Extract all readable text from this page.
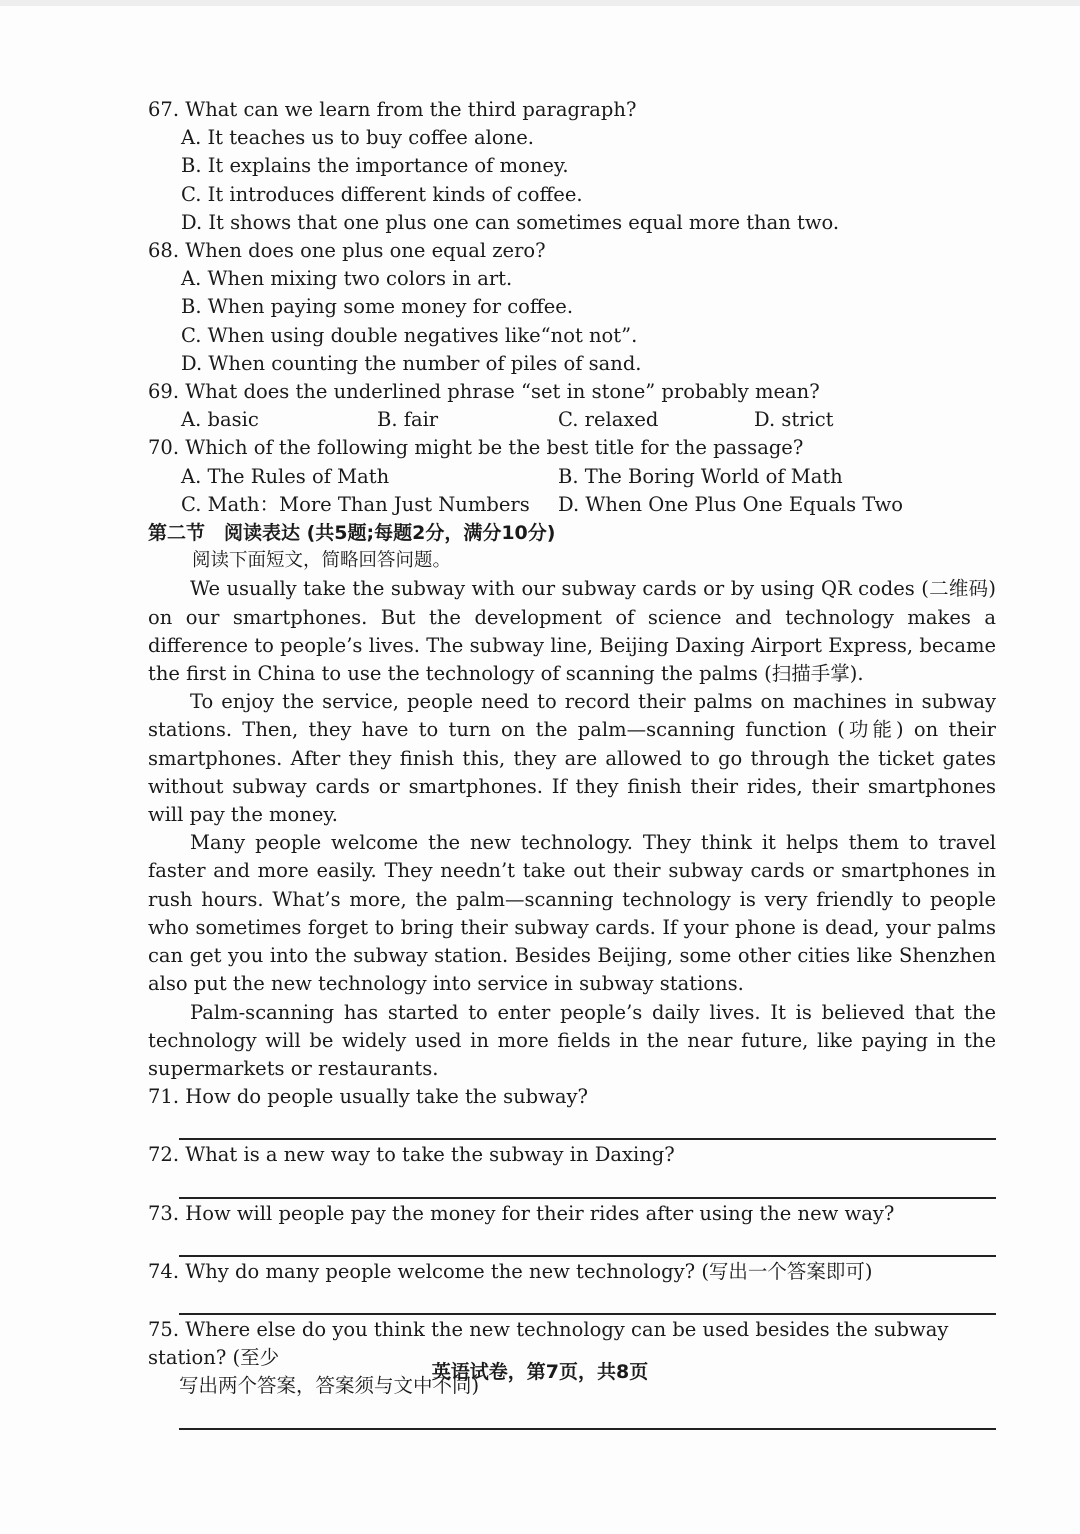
67. What can we learn from the third paragraph?

A. It teaches us to buy coffee alone.

B. It explains the importance of money.

C. It introduces different kinds of coffee.

D. It shows that one plus one can sometimes equal more than two.

68. When does one plus one equal zero?

A. When mixing two colors in art.

B. When paying some money for coffee.

C. When using double negatives like“not not”.

D. When counting the number of piles of sand.

69. What does the underlined phrase “set in stone” probably mean?

A. basic	B. fair	C. relaxed	D. strict

70. Which of the following might be the best title for the passage?

A. The Rules of Math	B. The Boring World of Math
C. Math：More Than Just Numbers	D. When One Plus One Equals Two

第二节　阅读表达 (共5题;每题2分，满分10分)

阅读下面短文，简略回答问题。

We usually take the subway with our subway cards or by using QR codes (二维码) on our smartphones. But the development of science and technology makes a difference to people’s lives. The subway line, Beijing Daxing Airport Express, became the first in China to use the technology of scanning the palms (扫描手掌).

To enjoy the service, people need to record their palms on machines in subway stations. Then, they have to turn on the palm—scanning function (功能) on their smartphones. After they finish this, they are allowed to go through the ticket gates without subway cards or smartphones. If they finish their rides, their smartphones will pay the money.

Many people welcome the new technology. They think it helps them to travel faster and more easily. They needn’t take out their subway cards or smartphones in rush hours. What’s more, the palm—scanning technology is very friendly to people who sometimes forget to bring their subway cards. If your phone is dead, your palms can get you into the subway station. Besides Beijing, some other cities like Shenzhen also put the new technology into service in subway stations.

Palm-scanning has started to enter people’s daily lives. It is believed that the technology will be widely used in more fields in the near future, like paying in the supermarkets or restaurants.

71. How do people usually take the subway?

72. What is a new way to take the subway in Daxing?

73. How will people pay the money for their rides after using the new way?

74. Why do many people welcome the new technology? (写出一个答案即可)

75. Where else do you think the new technology can be used besides the subway station? (至少

写出两个答案，答案须与文中不同)

英语试卷，第7页，共8页
